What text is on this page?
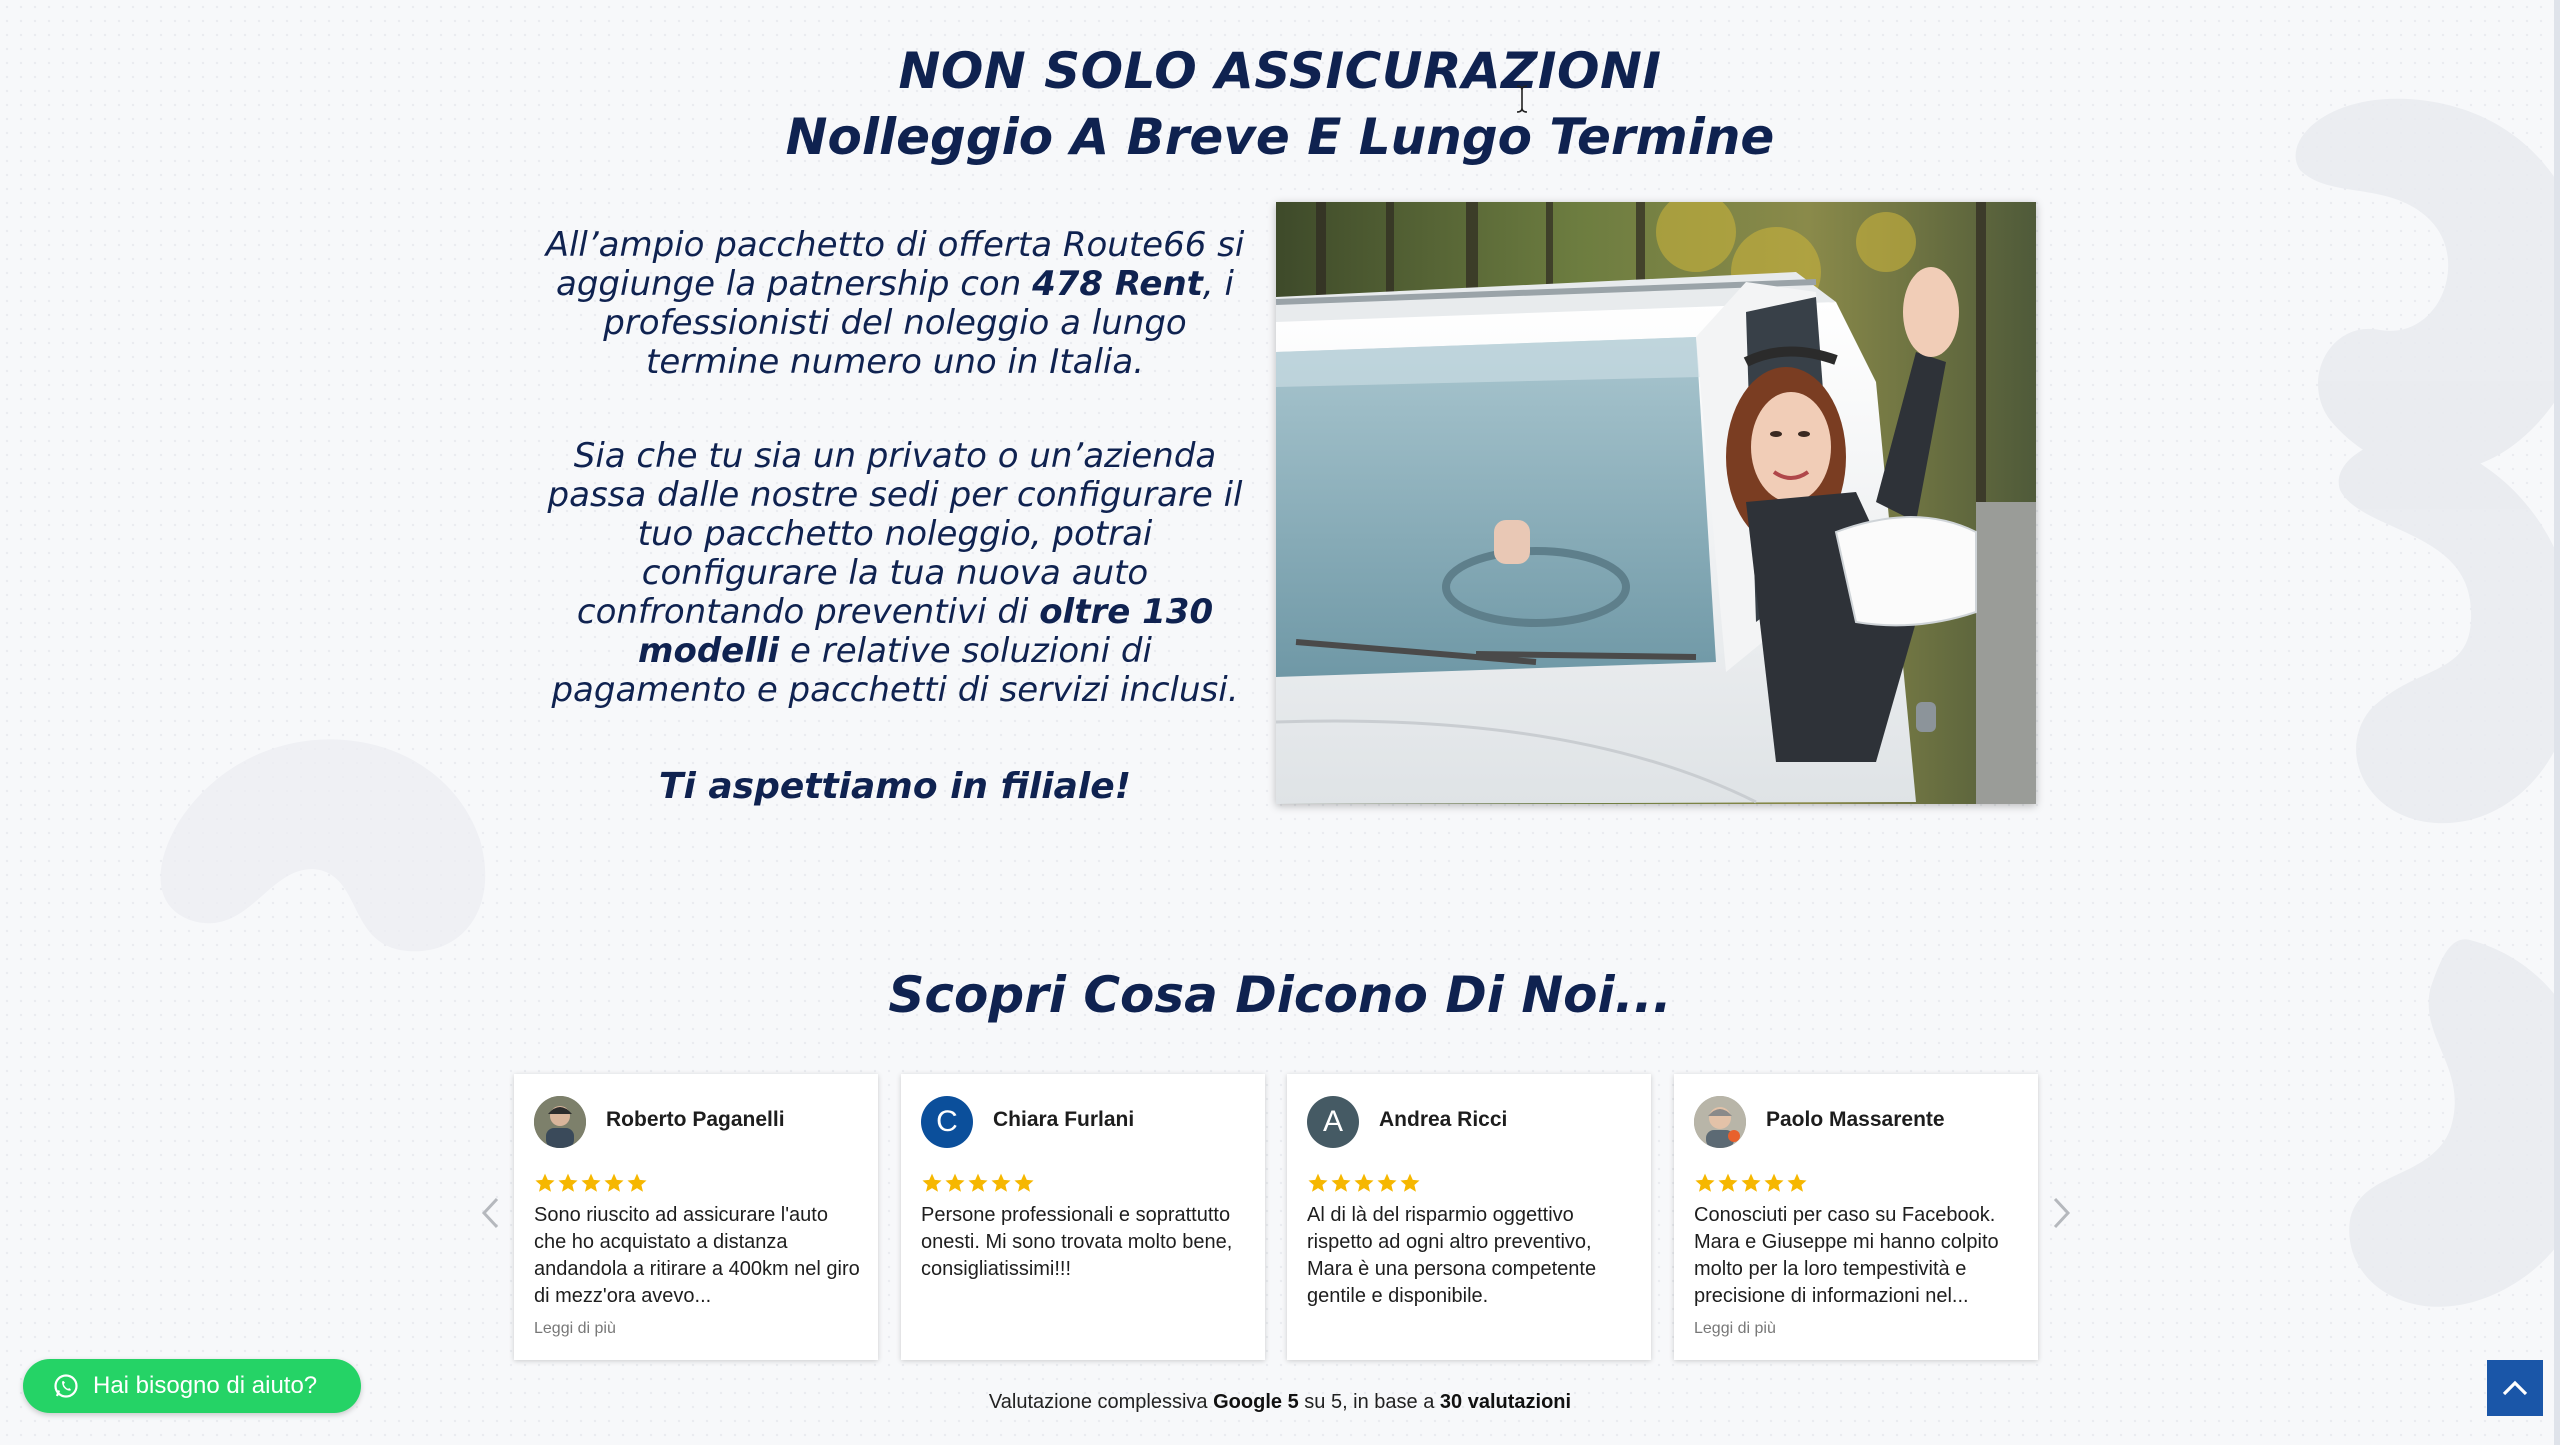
NON SOLO ASSICURAZIONI
Nolleggio A Breve E Lungo Termine

All’ampio pacchetto di offerta Route66 si aggiunge la patnership con 478 Rent, i professionisti del noleggio a lungo termine numero uno in Italia.

Sia che tu sia un privato o un’azienda passa dalle nostre sedi per configurare il tuo pacchetto noleggio, potrai configurare la tua nuova auto confrontando preventivi di oltre 130 modelli e relative soluzioni di pagamento e pacchetti di servizi inclusi.

Ti aspettiamo in filiale!

Scopri Cosa Dicono Di Noi...
Roberto Paganelli

Sono riuscito ad assicurare l'auto che ho acquistato a distanza andandola a ritirare a 400km nel giro di mezz'ora avevo...

Leggi di più
C	Chiara Furlani

Persone professionali e soprattutto onesti. Mi sono trovata molto bene, consigliatissimi!!!

A	Andrea Ricci

Al di là del risparmio oggettivo rispetto ad ogni altro preventivo, Mara è una persona competente gentile e disponibile.

Paolo Massarente

Conosciuti per caso su Facebook. Mara e Giuseppe mi hanno colpito molto per la loro tempestività e precisione di informazioni nel...

Leggi di più
Valutazione complessiva Google 5 su 5, in base a 30 valutazioni
Hai bisogno di aiuto?
